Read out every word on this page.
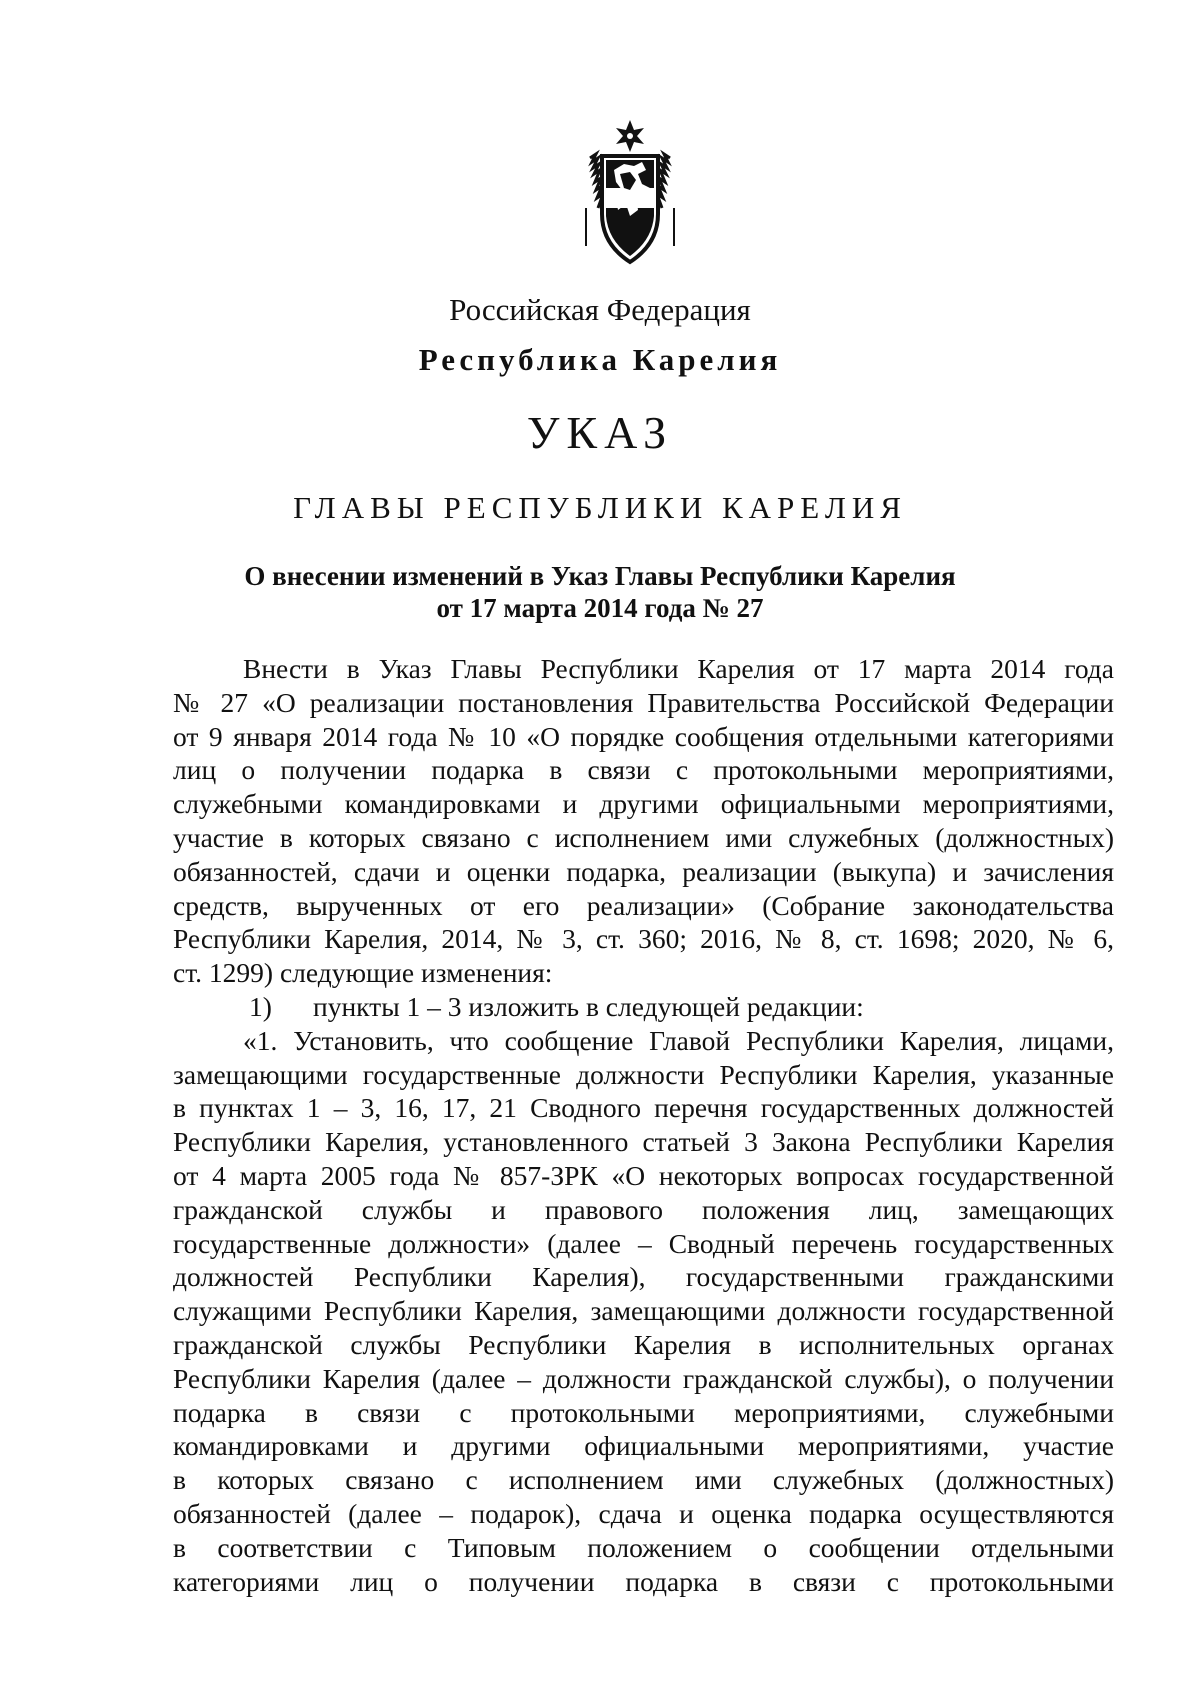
Российская Федерация

Республика Карелия

УКАЗ

ГЛАВЫ РЕСПУБЛИКИ КАРЕЛИЯ

О внесении изменений в Указ Главы Республики Карелия
от 17 марта 2014 года № 27

Внести в Указ Главы Республики Карелия от 17 марта 2014 года

№ 27 «О реализации постановления Правительства Российской Федерации

от 9 января 2014 года № 10 «О порядке сообщения отдельными категориями

лиц о получении подарка в связи с протокольными мероприятиями,

служебными командировками и другими официальными мероприятиями,

участие в которых связано с исполнением ими служебных (должностных)

обязанностей, сдачи и оценки подарка, реализации (выкупа) и зачисления

средств, вырученных от его реализации» (Собрание законодательства

Республики Карелия, 2014, № 3, ст. 360; 2016, № 8, ст. 1698; 2020, № 6,

ст. 1299) следующие изменения:

1) пункты 1 – 3 изложить в следующей редакции:

«1. Установить, что сообщение Главой Республики Карелия, лицами,

замещающими государственные должности Республики Карелия, указанные

в пунктах 1 – 3, 16, 17, 21 Сводного перечня государственных должностей

Республики Карелия, установленного статьей 3 Закона Республики Карелия

от 4 марта 2005 года № 857-ЗРК «О некоторых вопросах государственной

гражданской службы и правового положения лиц, замещающих

государственные должности» (далее – Сводный перечень государственных

должностей Республики Карелия), государственными гражданскими

служащими Республики Карелия, замещающими должности государственной

гражданской службы Республики Карелия в исполнительных органах

Республики Карелия (далее – должности гражданской службы), о получении

подарка в связи с протокольными мероприятиями, служебными

командировками и другими официальными мероприятиями, участие

в которых связано с исполнением ими служебных (должностных)

обязанностей (далее – подарок), сдача и оценка подарка осуществляются

в соответствии с Типовым положением о сообщении отдельными

категориями лиц о получении подарка в связи с протокольными
